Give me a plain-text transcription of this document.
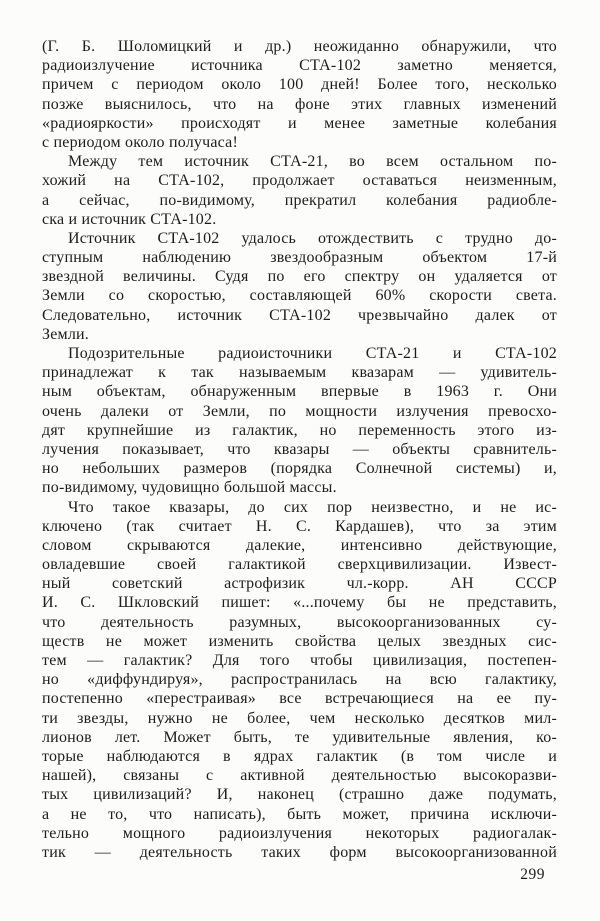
(Г. Б. Шоломицкий и др.) неожиданно обнаружили, что
радиоизлучение источника СТА-102 заметно меняется,
причем с периодом около 100 дней! Более того, несколько
позже выяснилось, что на фоне этих главных изменений
«радиояркости» происходят и менее заметные колебания
с периодом около получаса!
Между тем источник СТА-21, во всем остальном по-
хожий на СТА-102, продолжает оставаться неизменным,
а сейчас, по-видимому, прекратил колебания радиобле-
ска и источник СТА-102.
Источник СТА-102 удалось отождествить с трудно до-
ступным наблюдению звездообразным объектом 17-й
звездной величины. Судя по его спектру он удаляется от
Земли со скоростью, составляющей 60% скорости света.
Следовательно, источник СТА-102 чрезвычайно далек от
Земли.
Подозрительные радиоисточники СТА-21 и СТА-102
принадлежат к так называемым квазарам — удивитель-
ным объектам, обнаруженным впервые в 1963 г. Они
очень далеки от Земли, по мощности излучения превосхо-
дят крупнейшие из галактик, но переменность этого из-
лучения показывает, что квазары — объекты сравнитель-
но небольших размеров (порядка Солнечной системы) и,
по-видимому, чудовищно большой массы.
Что такое квазары, до сих пор неизвестно, и не ис-
ключено (так считает Н. С. Кардашев), что за этим
словом скрываются далекие, интенсивно действующие,
овладевшие своей галактикой сверхцивилизации. Извест-
ный советский астрофизик чл.-корр. АН СССР
И. С. Шкловский пишет: «...почему бы не представить,
что деятельность разумных, высокоорганизованных су-
ществ не может изменить свойства целых звездных сис-
тем — галактик? Для того чтобы цивилизация, постепен-
но «диффундируя», распространилась на всю галактику,
постепенно «перестраивая» все встречающиеся на ее пу-
ти звезды, нужно не более, чем несколько десятков мил-
лионов лет. Может быть, те удивительные явления, ко-
торые наблюдаются в ядрах галактик (в том числе и
нашей), связаны с активной деятельностью высокоразви-
тых цивилизаций? И, наконец (страшно даже подумать,
а не то, что написать), быть может, причина исключи-
тельно мощного радиоизлучения некоторых радиогалак-
тик — деятельность таких форм высокоорганизованной
299
